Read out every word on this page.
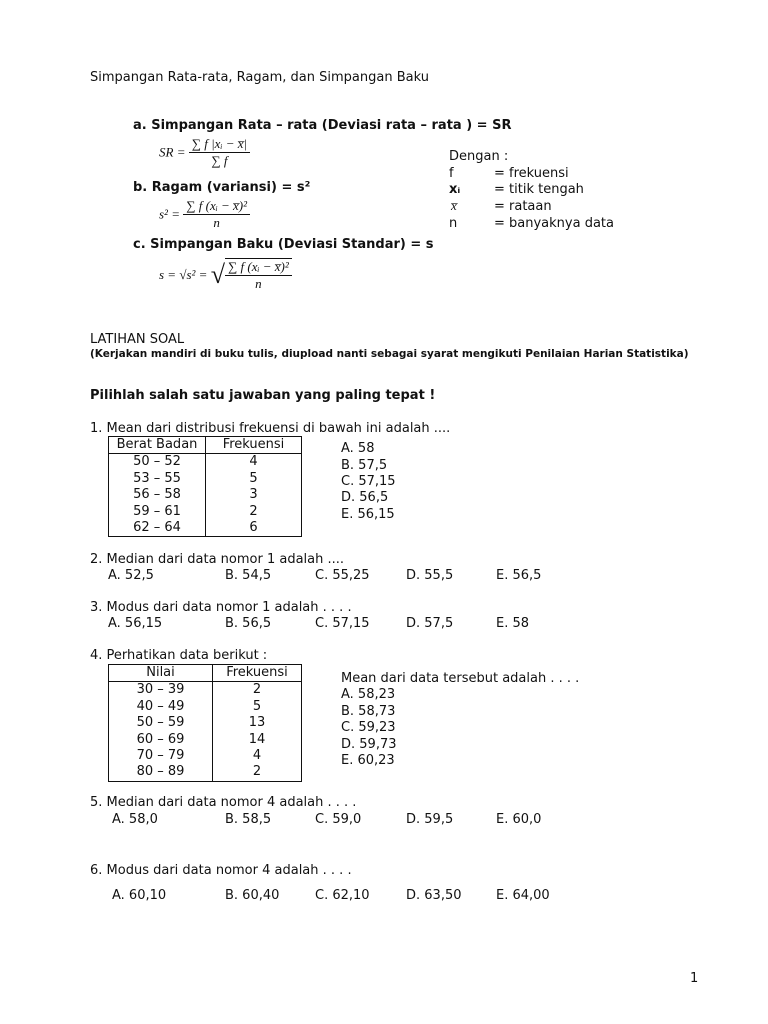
Simpangan Rata-rata, Ragam, dan Simpangan Baku
a. Simpangan Rata – rata (Deviasi rata – rata ) = SR
SR = $\frac{\text{∑ f |xᵢ − x̅|}}{\sum f}$	Dengan :
f	= frekuensi
xᵢ	= titik tengah
x̅	= rataan
n	= banyaknya data
b. Ragam (variansi) = s²
$s^2 = \frac{\text{∑ f (xᵢ − x̅)²}}{n}$
c. Simpangan Baku (Deviasi Standar) = s
s = √s² = √ $\frac{\text{∑ f (xᵢ − x̅)²}}{n}$
LATIHAN SOAL
(Kerjakan mandiri di buku tulis, diupload nanti sebagai syarat mengikuti Penilaian Harian Statistika)
Pilihlah salah satu jawaban yang paling tepat !
1. Mean dari distribusi frekuensi di bawah ini adalah ....
Berat Badan	Frekuensi
50 – 52	4
53 – 55	5
56 – 58	3
59 – 61	2
62 – 64	6
A. 58
B. 57,5
C. 57,15
D. 56,5
E. 56,15
2. Median dari data nomor 1 adalah ....
A. 52,5	B. 54,5	C. 55,25	D. 55,5	E. 56,5
3. Modus dari data nomor 1 adalah . . . .
A. 56,15	B. 56,5	C. 57,15	D. 57,5	E. 58
4. Perhatikan data berikut :
Nilai	Frekuensi
30 – 39	2
40 – 49	5
50 – 59	13
60 – 69	14
70 – 79	4
80 – 89	2
Mean dari data tersebut adalah . . . .
A. 58,23
B. 58,73
C. 59,23
D. 59,73
E. 60,23
5. Median dari data nomor 4 adalah . . . .
A. 58,0	B. 58,5	C. 59,0	D. 59,5	E. 60,0
6. Modus dari data nomor 4 adalah . . . .
A. 60,10	B. 60,40	C. 62,10	D. 63,50	E. 64,00
1
